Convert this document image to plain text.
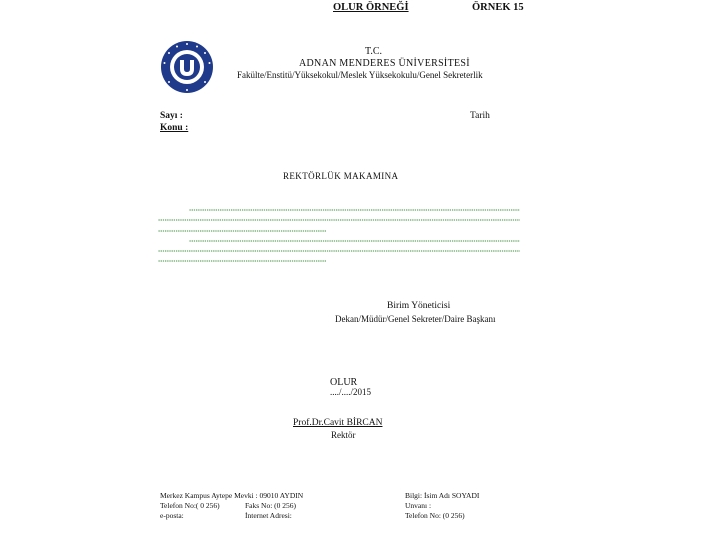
OLUR ÖRNEĞİ	ÖRNEK 15
T.C.
ADNAN MENDERES ÜNİVERSİTESİ
Fakülte/Enstitü/Yüksekokul/Meslek Yüksekokulu/Genel Sekreterlik
Sayı :
Konu :
Tarih
REKTÖRLÜK MAKAMINA
Birim Yöneticisi
Dekan/Müdür/Genel Sekreter/Daire Başkanı
OLUR
..../..../2015
Prof.Dr.Cavit BİRCAN
Rektör
Merkez Kampus Aytepe Mevki : 09010 AYDIN
Telefon No:( 0 256)	Faks No: (0 256)
e-posta:	İnternet Adresi:
Bilgi: İsim Adı SOYADI
Unvanı :
Telefon No: (0 256)
